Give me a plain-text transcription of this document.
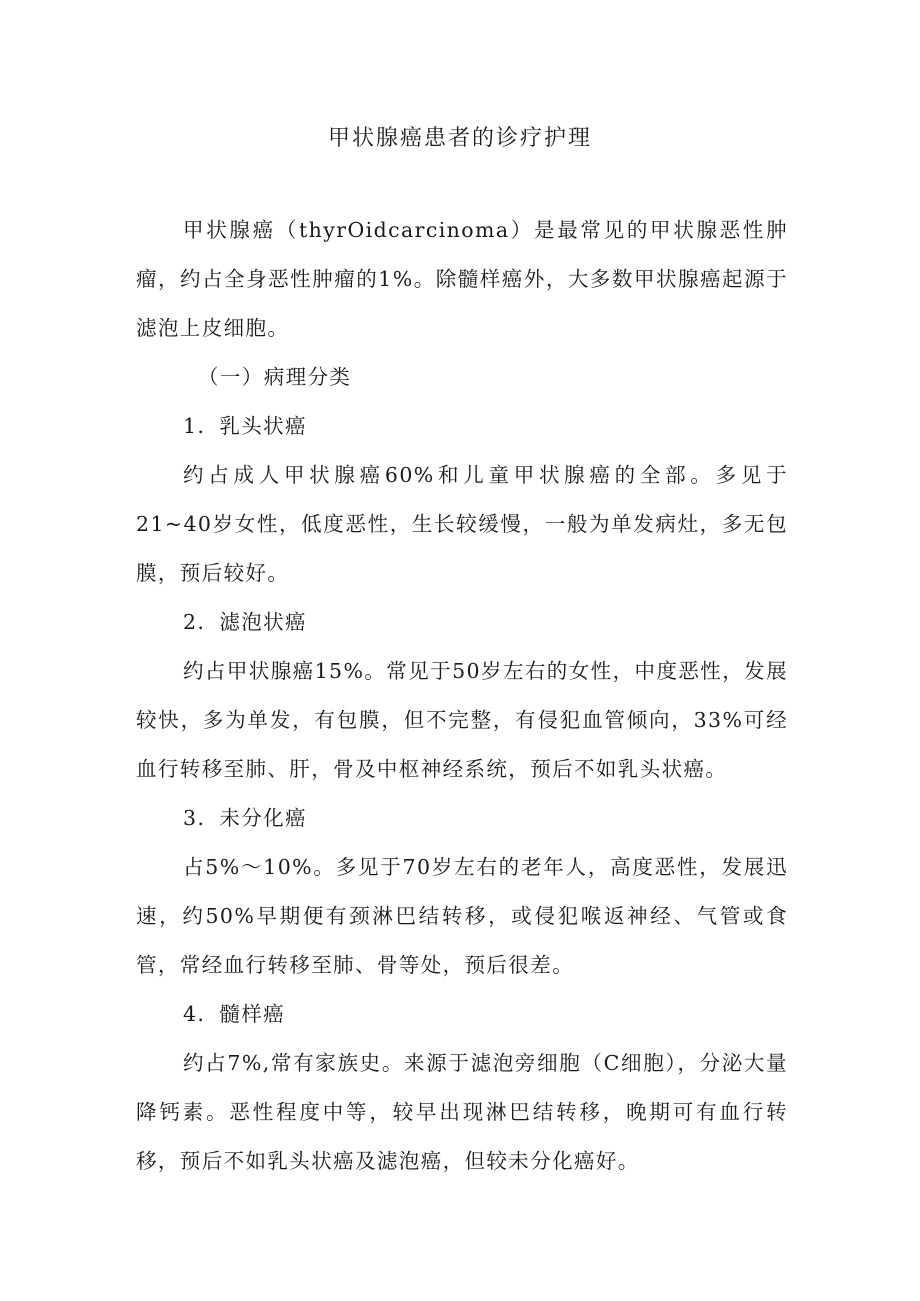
甲状腺癌患者的诊疗护理

甲状腺癌（thyrOidcarcinoma）是最常见的甲状腺恶性肿瘤，约占全身恶性肿瘤的1%。除髓样癌外，大多数甲状腺癌起源于滤泡上皮细胞。

（一）病理分类

1．乳头状癌

约占成人甲状腺癌60%和儿童甲状腺癌的全部。多见于21~40岁女性，低度恶性，生长较缓慢，一般为单发病灶，多无包膜，预后较好。

2．滤泡状癌

约占甲状腺癌15%。常见于50岁左右的女性，中度恶性，发展较快，多为单发，有包膜，但不完整，有侵犯血管倾向，33%可经血行转移至肺、肝，骨及中枢神经系统，预后不如乳头状癌。

3．未分化癌

占5%～10%。多见于70岁左右的老年人，高度恶性，发展迅速，约50%早期便有颈淋巴结转移，或侵犯喉返神经、气管或食管，常经血行转移至肺、骨等处，预后很差。

4．髓样癌

约占7%,常有家族史。来源于滤泡旁细胞（C细胞），分泌大量降钙素。恶性程度中等，较早出现淋巴结转移，晚期可有血行转移，预后不如乳头状癌及滤泡癌，但较未分化癌好。
